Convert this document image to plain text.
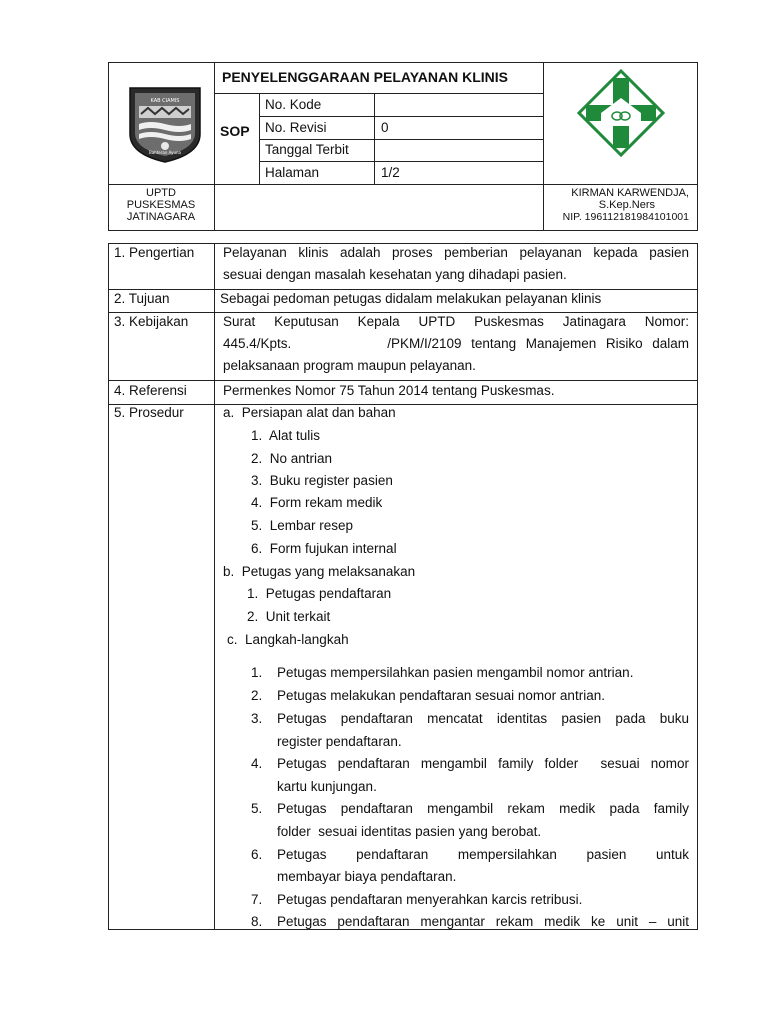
KAB CIAMIS
Bahteran Ayuna
PENYELENGGARAAN PELAYANAN KLINIS
SOP
No. Kode
No. Revisi	0
Tanggal Terbit
Halaman	1/2
UPTD
PUSKESMAS
JATINAGARA
KIRMAN KARWENDJA,
S.Kep.Ners
NIP. 196112181984101001
1. Pengertian Pelayanan klinis adalah proses pemberian pelayanan kepada pasien
sesuai dengan masalah kesehatan yang dihadapi pasien.
2. Tujuan	Sebagai pedoman petugas didalam melakukan pelayanan klinis
3. Kebijakan	Surat Keputusan Kepala UPTD Puskesmas Jatinagara Nomor:
445.4/Kpts.          /PKM/I/2109 tentang Manajemen Risiko dalam
pelaksanaan program maupun pelayanan.
4. Referensi	Permenkes Nomor 75 Tahun 2014 tentang Puskesmas.
5. Prosedur	a.  Persiapan alat dan bahan
1.  Alat tulis
2.  No antrian
3.  Buku register pasien
4.  Form rekam medik
5.  Lembar resep
6.  Form fujukan internal
b.  Petugas yang melaksanakan
1.  Petugas pendaftaran
2.  Unit terkait
c.  Langkah-langkah
1. Petugas mempersilahkan pasien mengambil nomor antrian.
2. Petugas melakukan pendaftaran sesuai nomor antrian.
3. Petugas pendaftaran mencatat identitas pasien pada buku
register pendaftaran.
4. Petugas pendaftaran mengambil family folder  sesuai nomor
kartu kunjungan.
5. Petugas pendaftaran mengambil rekam medik pada family
folder  sesuai identitas pasien yang berobat.
6. Petugas pendaftaran mempersilahkan pasien untuk
membayar biaya pendaftaran.
7. Petugas pendaftaran menyerahkan karcis retribusi.
8. Petugas pendaftaran mengantar rekam medik ke unit – unit
